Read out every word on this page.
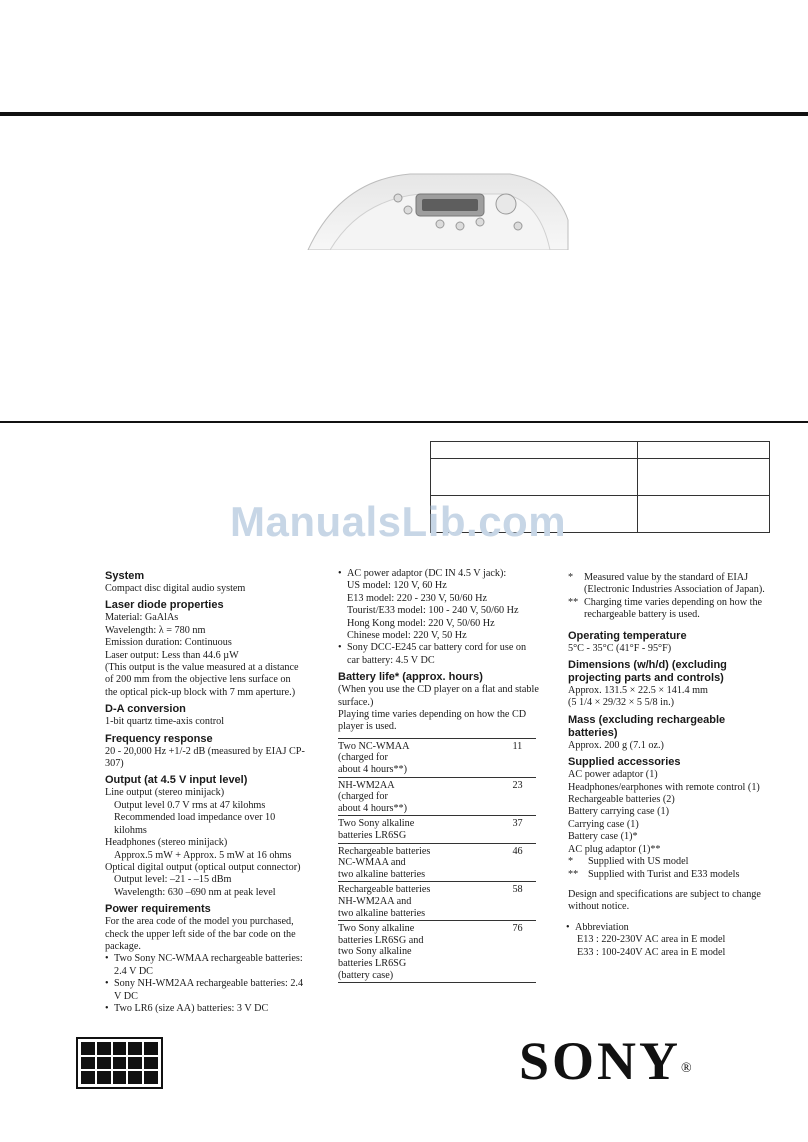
ManualsLib.com
System
Compact disc digital audio system
Laser diode properties
Material: GaAlAs
Wavelength: λ = 780 nm
Emission duration: Continuous
Laser output: Less than 44.6 µW
(This output is the value measured at a distance
of 200 mm from the objective lens surface on
the optical pick-up block with 7 mm aperture.)
D-A conversion
1-bit quartz time-axis control
Frequency response
20 - 20,000 Hz +1/-2 dB (measured by EIAJ CP-307)
Output (at 4.5 V input level)
Line output (stereo minijack)
Output level 0.7 V rms at 47 kilohms
Recommended load impedance over 10
kilohms
Headphones (stereo minijack)
Approx.5 mW + Approx. 5 mW at 16 ohms
Optical digital output (optical output connector)
Output level: –21 - –15 dBm
Wavelength: 630 –690 nm at peak level
Power requirements
For the area code of the model you purchased, check the upper left side of the bar code on the package.
• Two Sony NC-WMAA rechargeable batteries: 2.4 V DC
• Sony NH-WM2AA rechargeable batteries: 2.4 V DC
• Two LR6 (size AA) batteries: 3 V DC
• AC power adaptor (DC IN 4.5 V jack):
US model: 120 V, 60 Hz
E13 model: 220 - 230 V, 50/60 Hz
Tourist/E33 model: 100 - 240 V, 50/60 Hz
Hong Kong model: 220 V, 50/60 Hz
Chinese model: 220 V, 50 Hz
• Sony DCC-E245 car battery cord for use on car battery: 4.5 V DC
Battery life* (approx. hours)
(When you use the CD player on a flat and stable surface.)
Playing time varies depending on how the CD player is used.
Two NC-WMAA
(charged for
about 4 hours**)	11

NH-WM2AA
(charged for
about 4 hours**)	23

Two Sony alkaline
batteries LR6SG	37

Rechargeable batteries
NC-WMAA and
two alkaline batteries	46

Rechargeable batteries
NH-WM2AA and
two alkaline batteries	58

Two Sony alkaline
batteries LR6SG and
two Sony alkaline
batteries LR6SG
(battery case)	76
*	Measured value by the standard of EIAJ (Electronic Industries Association of Japan).
** Charging time varies depending on how the rechargeable battery is used.
Operating temperature
5°C - 35°C (41°F - 95°F)
Dimensions (w/h/d) (excluding projecting parts and controls)
Approx. 131.5 × 22.5 × 141.4 mm
(5 1/4 × 29/32 × 5 5/8 in.)
Mass (excluding rechargeable batteries)
Approx. 200 g (7.1 oz.)
Supplied accessories
AC power adaptor (1)
Headphones/earphones with remote control (1)
Rechargeable batteries (2)
Battery carrying case (1)
Carrying case (1)
Battery case (1)*
AC plug adaptor (1)**
*	Supplied with US model
** Supplied with Turist and E33 models
Design and specifications are subject to change without notice.
• Abbreviation
E13 : 220-230V AC area in E model
E33 : 100-240V AC area in E model
SONY®
